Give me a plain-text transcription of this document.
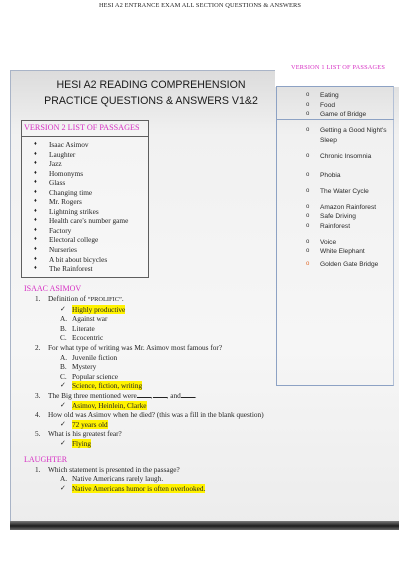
HESI A2 ENTRANCE EXAM ALL SECTION QUESTIONS & ANSWERS
HESI A2 READING COMPREHENSION
PRACTICE QUESTIONS & ANSWERS V1&2
VERSION 1 LIST OF PASSAGES
o Eating
o Food
o Game of Bridge
o Getting a Good Night's Sleep
o Chronic Insomnia
o Phobia
o The Water Cycle
o Amazon Rainforest
o Safe Driving
o Rainforest
o Voice
o White Elephant
o Golden Gate Bridge
VERSION 2 LIST OF PASSAGES
♦ Isaac Asimov
♦ Laughter
♦ Jazz
♦ Homonyms
♦ Glass
♦ Changing time
♦ Mr. Rogers
♦ Lightning strikes
♦ Health care's number game
♦ Factory
♦ Electoral college
♦ Nurseries
♦ A bit about bicycles
♦ The Rainforest
ISAAC ASIMOV
1. Definition of “PROLIFIC”.
✓ Highly productive
A. Against war
B. Literate
C. Ecocentric
2. For what type of writing was Mr. Asimov most famous for?
A. Juvenile fiction
B. Mystery
C. Popular science
✓ Science, fiction, writing
3. The Big three mentioned were , , and .
✓ Asimov, Heinlein, Clarke
4. How old was Asimov when he died? (this was a fill in the blank question)
✓ 72 years old
5. What is his greatest fear?
✓ Flying
LAUGHTER
1. Which statement is presented in the passage?
A. Native Americans rarely laugh.
✓ Native Americans humor is often overlooked.
